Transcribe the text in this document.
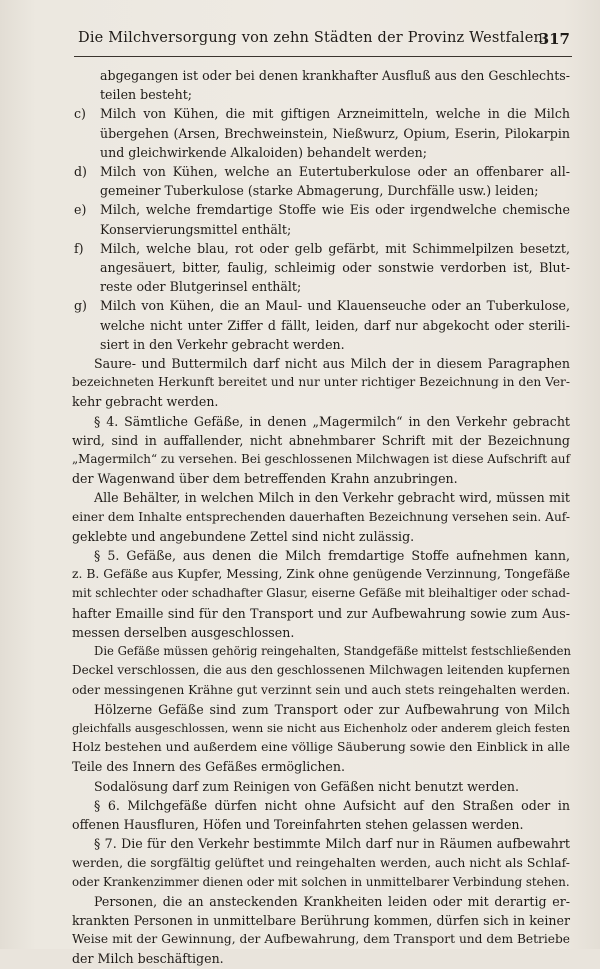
Die Milchversorgung von zehn Städten der Provinz Westfalen.
317
abgegangen ist oder bei denen krankhafter Ausfluß aus den Geschlechts-
teilen besteht;
c) Milch von Kühen, die mit giftigen Arzneimitteln, welche in die Milch
übergehen (Arsen, Brechweinstein, Nießwurz, Opium, Eserin, Pilokarpin
und gleichwirkende Alkaloiden) behandelt werden;
d) Milch von Kühen, welche an Eutertuberkulose oder an offenbarer all-
gemeiner Tuberkulose (starke Abmagerung, Durchfälle usw.) leiden;
e) Milch, welche fremdartige Stoffe wie Eis oder irgendwelche chemische
Konservierungsmittel enthält;
f) Milch, welche blau, rot oder gelb gefärbt, mit Schimmelpilzen besetzt,
angesäuert, bitter, faulig, schleimig oder sonstwie verdorben ist, Blut-
reste oder Blutgerinsel enthält;
g) Milch von Kühen, die an Maul- und Klauenseuche oder an Tuberkulose,
welche nicht unter Ziffer d fällt, leiden, darf nur abgekocht oder sterili-
siert in den Verkehr gebracht werden.
Saure- und Buttermilch darf nicht aus Milch der in diesem Paragraphen
bezeichneten Herkunft bereitet und nur unter richtiger Bezeichnung in den Ver-
kehr gebracht werden.
§ 4. Sämtliche Gefäße, in denen „Magermilch“ in den Verkehr gebracht
wird, sind in auffallender, nicht abnehmbarer Schrift mit der Bezeichnung
„Magermilch“ zu versehen. Bei geschlossenen Milchwagen ist diese Aufschrift auf
der Wagenwand über dem betreffenden Krahn anzubringen.
Alle Behälter, in welchen Milch in den Verkehr gebracht wird, müssen mit
einer dem Inhalte entsprechenden dauerhaften Bezeichnung versehen sein. Auf-
geklebte und angebundene Zettel sind nicht zulässig.
§ 5. Gefäße, aus denen die Milch fremdartige Stoffe aufnehmen kann,
z. B. Gefäße aus Kupfer, Messing, Zink ohne genügende Verzinnung, Tongefäße
mit schlechter oder schadhafter Glasur, eiserne Gefäße mit bleihaltiger oder schad-
hafter Emaille sind für den Transport und zur Aufbewahrung sowie zum Aus-
messen derselben ausgeschlossen.
Die Gefäße müssen gehörig reingehalten, Standgefäße mittelst festschließenden
Deckel verschlossen, die aus den geschlossenen Milchwagen leitenden kupfernen
oder messingenen Krähne gut verzinnt sein und auch stets reingehalten werden.
Hölzerne Gefäße sind zum Transport oder zur Aufbewahrung von Milch
gleichfalls ausgeschlossen, wenn sie nicht aus Eichenholz oder anderem gleich festen
Holz bestehen und außerdem eine völlige Säuberung sowie den Einblick in alle
Teile des Innern des Gefäßes ermöglichen.
Sodalösung darf zum Reinigen von Gefäßen nicht benutzt werden.
§ 6. Milchgefäße dürfen nicht ohne Aufsicht auf den Straßen oder in
offenen Hausfluren, Höfen und Toreinfahrten stehen gelassen werden.
§ 7. Die für den Verkehr bestimmte Milch darf nur in Räumen aufbewahrt
werden, die sorgfältig gelüftet und reingehalten werden, auch nicht als Schlaf-
oder Krankenzimmer dienen oder mit solchen in unmittelbarer Verbindung stehen.
Personen, die an ansteckenden Krankheiten leiden oder mit derartig er-
krankten Personen in unmittelbare Berührung kommen, dürfen sich in keiner
Weise mit der Gewinnung, der Aufbewahrung, dem Transport und dem Betriebe
der Milch beschäftigen.
